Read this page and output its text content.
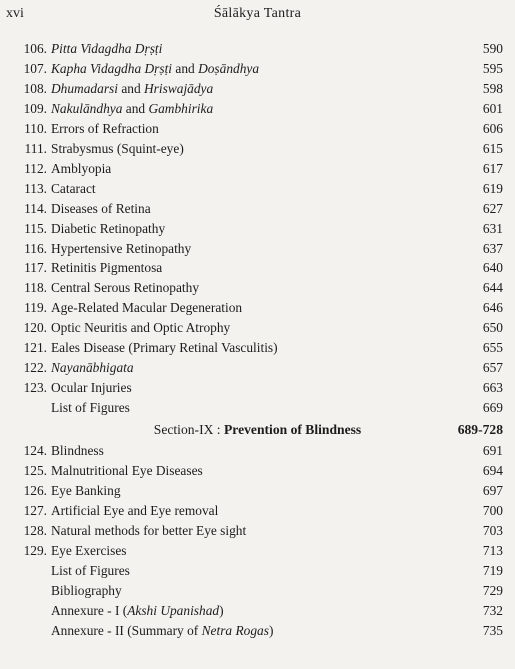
xvi	Śālākya Tantra
106. Pitta Vidagdha Dṛṣṭi	590
107. Kapha Vidagdha Dṛṣṭi and Doṣāndhya	595
108. Dhumadarsi and Hriswajādya	598
109. Nakulāndhya and Gambhirika	601
110. Errors of Refraction	606
111. Strabysmus (Squint-eye)	615
112. Amblyopia	617
113. Cataract	619
114. Diseases of Retina	627
115. Diabetic Retinopathy	631
116. Hypertensive Retinopathy	637
117. Retinitis Pigmentosa	640
118. Central Serous Retinopathy	644
119. Age-Related Macular Degeneration	646
120. Optic Neuritis and Optic Atrophy	650
121. Eales Disease (Primary Retinal Vasculitis)	655
122. Nayanābhigata	657
123. Ocular Injuries	663
List of Figures	669
Section-IX : Prevention of Blindness	689-728
124. Blindness	691
125. Malnutritional Eye Diseases	694
126. Eye Banking	697
127. Artificial Eye and Eye removal	700
128. Natural methods for better Eye sight	703
129. Eye Exercises	713
List of Figures	719
Bibliography	729
Annexure - I (Akshi Upanishad)	732
Annexure - II (Summary of Netra Rogas)	735
